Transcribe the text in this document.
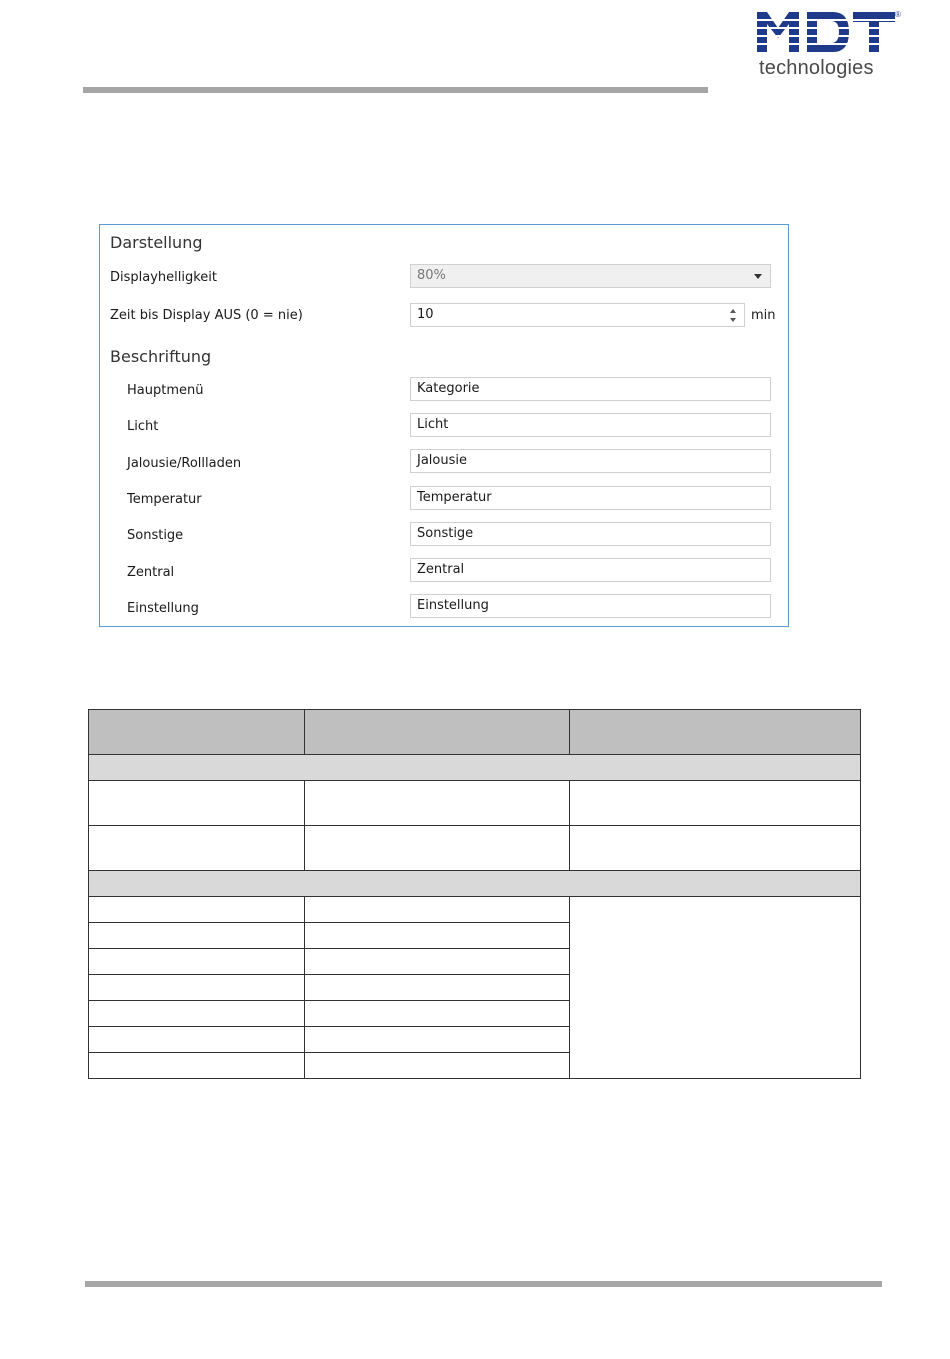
®
technologies
Darstellung
Displayhelligkeit	80%
Zeit bis Display AUS (0 = nie)	10	min
Beschriftung
Hauptmenü	Kategorie
Licht	Licht
Jalousie/Rollladen	Jalousie
Temperatur	Temperatur
Sonstige	Sonstige
Zentral	Zentral
Einstellung	Einstellung
